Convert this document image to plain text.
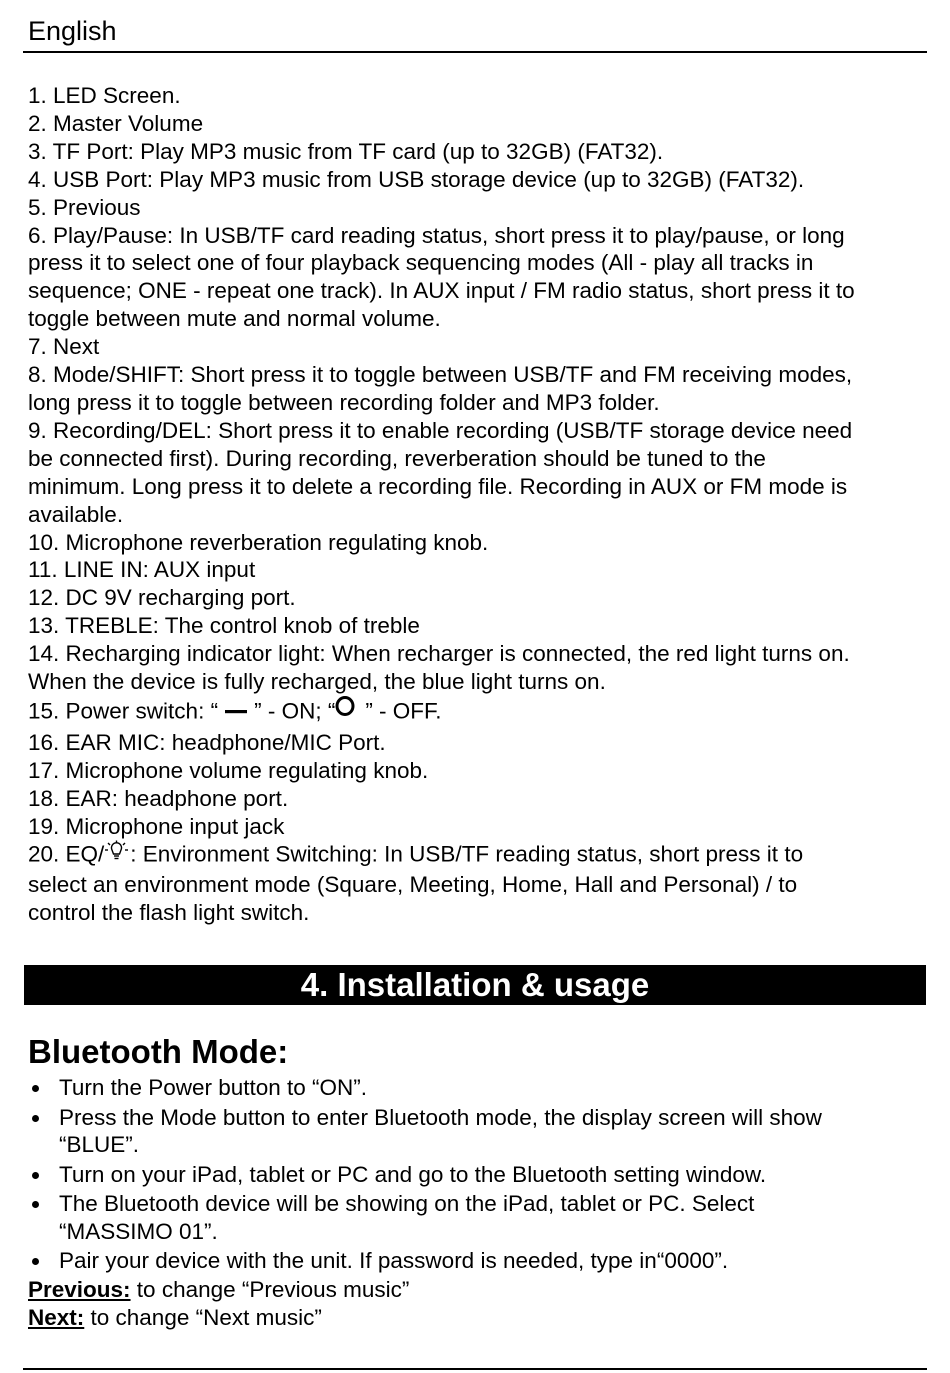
English
1. LED Screen.
2. Master Volume
3. TF Port: Play MP3 music from TF card (up to 32GB) (FAT32).
4. USB Port: Play MP3 music from USB storage device (up to 32GB) (FAT32).
5. Previous
6. Play/Pause: In USB/TF card reading status, short press it to play/pause, or long
press it to select one of four playback sequencing modes (All - play all tracks in
sequence; ONE - repeat one track). In AUX input / FM radio status, short press it to
toggle between mute and normal volume.
7. Next
8. Mode/SHIFT: Short press it to toggle between USB/TF and FM receiving modes,
long press it to toggle between recording folder and MP3 folder.
9. Recording/DEL: Short press it to enable recording (USB/TF storage device need
be connected first). During recording, reverberation should be tuned to the
minimum. Long press it to delete a recording file. Recording in AUX or FM mode is
available.
10. Microphone reverberation regulating knob.
11. LINE IN: AUX input
12. DC 9V recharging port.
13. TREBLE: The control knob of treble
14. Recharging indicator light: When recharger is connected, the red light turns on.
When the device is fully recharged, the blue light turns on.
15. Power switch: “ ” - ON; “ ” - OFF.
16. EAR MIC: headphone/MIC Port.
17. Microphone volume regulating knob.
18. EAR: headphone port.
19. Microphone input jack
20. EQ/ : Environment Switching: In USB/TF reading status, short press it to
select an environment mode (Square, Meeting, Home, Hall and Personal) / to
control the flash light switch.
4. Installation & usage
Bluetooth Mode:
Turn the Power button to “ON”.
Press the Mode button to enter Bluetooth mode, the display screen will show
“BLUE”.
Turn on your iPad, tablet or PC and go to the Bluetooth setting window.
The Bluetooth device will be showing on the iPad, tablet or PC. Select
“MASSIMO 01”.
Pair your device with the unit. If password is needed, type in“0000”.
Previous: to change “Previous music”
Next: to change “Next music”
